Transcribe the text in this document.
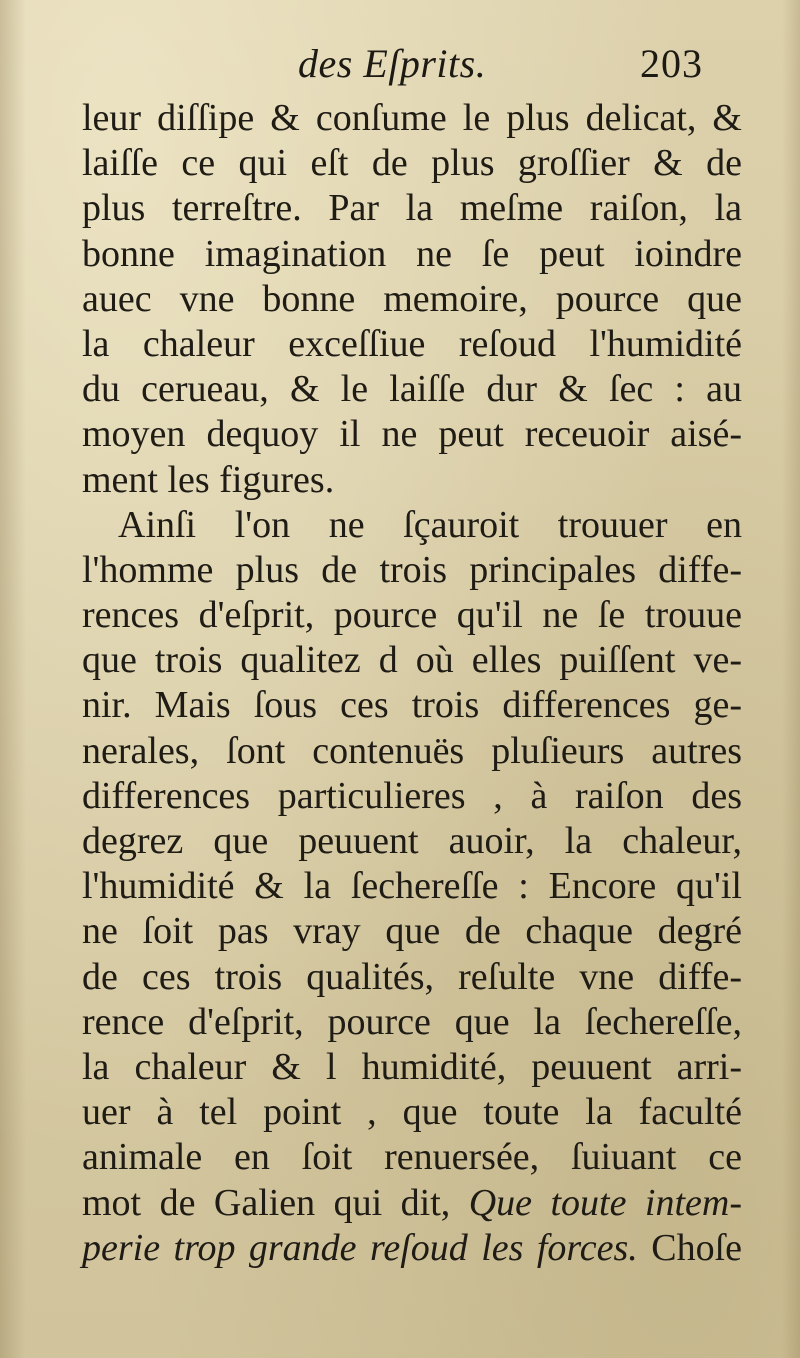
des Eſprits.	203
leur diſſipe & conſume le plus delicat, &
laiſſe ce qui eſt de plus groſſier & de
plus terreſtre. Par la meſme raiſon, la
bonne imagination ne ſe peut ioindre
auec vne bonne memoire, pource que
la chaleur exceſſiue reſoud l'humidité
du cerueau, & le laiſſe dur & ſec : au
moyen dequoy il ne peut receuoir aisé-
ment les figures.
Ainſi l'on ne ſçauroit trouuer en
l'homme plus de trois principales diffe-
rences d'eſprit, pource qu'il ne ſe trouue
que trois qualitez d où elles puiſſent ve-
nir. Mais ſous ces trois differences ge-
nerales, ſont contenuës pluſieurs autres
differences particulieres , à raiſon des
degrez que peuuent auoir, la chaleur,
l'humidité & la ſechereſſe : Encore qu'il
ne ſoit pas vray que de chaque degré
de ces trois qualités, reſulte vne diffe-
rence d'eſprit, pource que la ſechereſſe,
la chaleur & l humidité, peuuent arri-
uer à tel point , que toute la faculté
animale en ſoit renuersée, ſuiuant ce
mot de Galien qui dit, Que toute intem-
perie trop grande reſoud les forces. Choſe
